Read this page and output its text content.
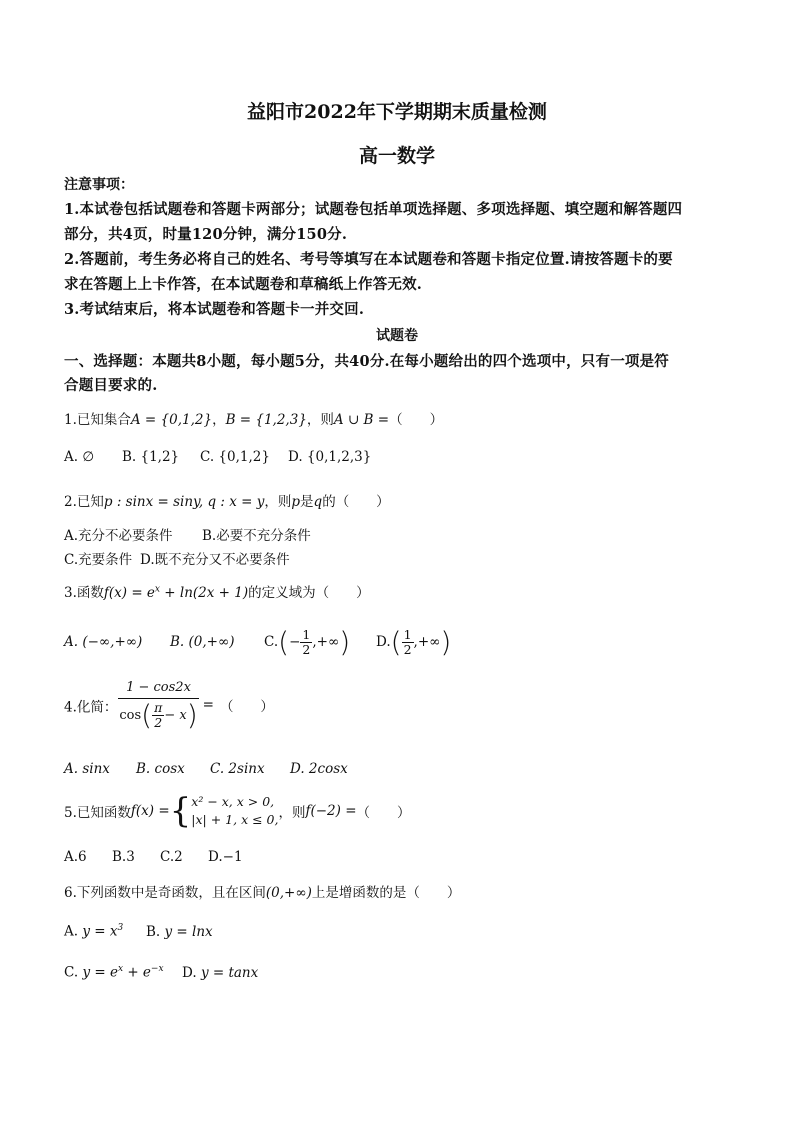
益阳市2022年下学期期末质量检测
高一数学
注意事项：
1.本试卷包括试题卷和答题卡两部分；试题卷包括单项选择题、多项选择题、填空题和解答题四
部分，共4页，时量120分钟，满分150分.
2.答题前，考生务必将自己的姓名、考号等填写在本试题卷和答题卡指定位置.请按答题卡的要
求在答题上上卡作答，在本试题卷和草稿纸上作答无效.
3.考试结束后，将本试题卷和答题卡一并交回.
试题卷
一、选择题：本题共8小题，每小题5分，共40分.在每小题给出的四个选项中，只有一项是符
合题目要求的.
1.已知集合A = {0,1,2}，B = {1,2,3}，则A ∪ B =（　　）
A. ∅ B. {1,2} C. {0,1,2} D. {0,1,2,3}
2.已知p : sinx = siny, q : x = y，则p是q的（　　）
A.充分不必要条件 B.必要不充分条件
C.充要条件 D.既不充分又不必要条件
3.函数$f(x) = e^x + \ln(2x + 1)$的定义域为（　　）
A. (−∞,+∞) B. (0,+∞) $C.(- \frac{1}{2}$ ,+∞) $D.( \frac{1}{2}$ ,+∞)
4.化简： $\frac{1 - \cos 2x}{\cos( \frac{\pi}{2} - x)}$ = （　　）
A. sinx B. cosx C. 2sinx D. 2cosx
5.已知函数f(x) ={ x² − x, x > 0,
|x| + 1, x ≤ 0, ，则f(−2) =（　　）
A.6 B.3 C.2 D.−1
6.下列函数中是奇函数，且在区间(0,+∞)上是增函数的是（　　）
A. $y = x^3$ B. y = lnx
C. $y = e^x + e^{-x}$ D. y = tanx
